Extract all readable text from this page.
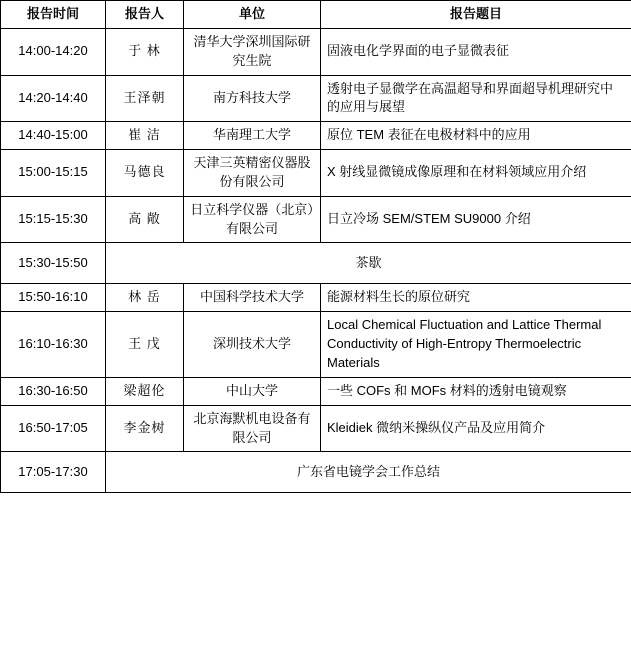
报告时间	报告人	单位	报告题目
14:00-14:20	于 林	清华大学深圳国际研究生院	固液电化学界面的电子显微表征
14:20-14:40	王泽朝	南方科技大学	透射电子显微学在高温超导和界面超导机理研究中的应用与展望
14:40-15:00	崔 洁	华南理工大学	原位 TEM 表征在电极材料中的应用
15:00-15:15	马德良	天津三英精密仪器股份有限公司	X 射线显微镜成像原理和在材料领域应用介绍
15:15-15:30	高 敞	日立科学仪器（北京）有限公司	日立冷场 SEM/STEM SU9000 介绍
15:30-15:50	茶歇		
15:50-16:10	林 岳	中国科学技术大学	能源材料生长的原位研究
16:10-16:30	王 戊	深圳技术大学	Local Chemical Fluctuation and Lattice Thermal Conductivity of High-Entropy Thermoelectric Materials
16:30-16:50	梁超伦	中山大学	一些 COFs 和 MOFs 材料的透射电镜观察
16:50-17:05	李金树	北京海默机电设备有限公司	Kleidiek 微纳米操纵仪产品及应用简介
17:05-17:30	广东省电镜学会工作总结		
